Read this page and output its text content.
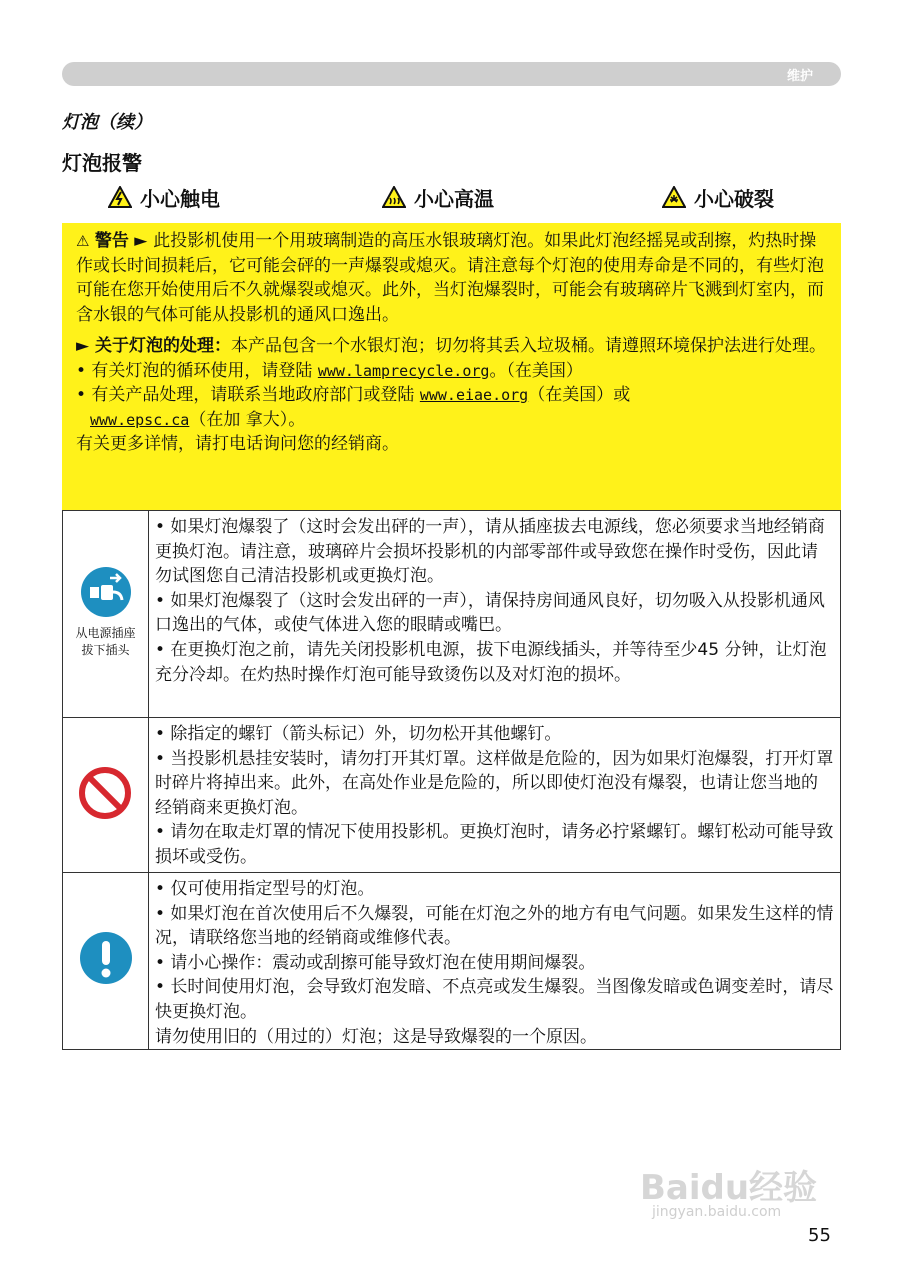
维护
灯泡（续）
灯泡报警
小心触电	小心高温	小心破裂

⚠ 警告 ► 此投影机使用一个用玻璃制造的高压水银玻璃灯泡。如果此灯泡经摇晃或刮擦，灼热时操作或长时间损耗后，它可能会砰的一声爆裂或熄灭。请注意每个灯泡的使用寿命是不同的，有些灯泡可能在您开始使用后不久就爆裂或熄灭。此外，当灯泡爆裂时，可能会有玻璃碎片飞溅到灯室内，而含水银的气体可能从投影机的通风口逸出。

► 关于灯泡的处理：本产品包含一个水银灯泡；切勿将其丢入垃圾桶。请遵照环境保护法进行处理。

• 有关灯泡的循环使用，请登陆 www.lamprecycle.org。（在美国）

• 有关产品处理，请联系当地政府部门或登陆 www.eiae.org（在美国）或
www.epsc.ca（在加 拿大）。

有关更多详情，请打电话询问您的经销商。

从电源插座
拔下插头

• 如果灯泡爆裂了（这时会发出砰的一声），请从插座拔去电源线，您必须要求当地经销商更换灯泡。请注意，玻璃碎片会损坏投影机的内部零部件或导致您在操作时受伤，因此请勿试图您自己清洁投影机或更换灯泡。

• 如果灯泡爆裂了（这时会发出砰的一声），请保持房间通风良好，切勿吸入从投影机通风口逸出的气体，或使气体进入您的眼睛或嘴巴。

• 在更换灯泡之前，请先关闭投影机电源，拔下电源线插头，并等待至少45 分钟，让灯泡充分冷却。在灼热时操作灯泡可能导致烫伤以及对灯泡的损坏。

• 除指定的螺钉（箭头标记）外，切勿松开其他螺钉。

• 当投影机悬挂安装时，请勿打开其灯罩。这样做是危险的，因为如果灯泡爆裂，打开灯罩时碎片将掉出来。此外，在高处作业是危险的，所以即使灯泡没有爆裂，也请让您当地的经销商来更换灯泡。

• 请勿在取走灯罩的情况下使用投影机。更换灯泡时，请务必拧紧螺钉。螺钉松动可能导致损坏或受伤。

• 仅可使用指定型号的灯泡。

• 如果灯泡在首次使用后不久爆裂，可能在灯泡之外的地方有电气问题。如果发生这样的情况，请联络您当地的经销商或维修代表。

• 请小心操作：震动或刮擦可能导致灯泡在使用期间爆裂。

• 长时间使用灯泡，会导致灯泡发暗、不点亮或发生爆裂。当图像发暗或色调变差时，请尽快更换灯泡。

请勿使用旧的（用过的）灯泡；这是导致爆裂的一个原因。

Baidu经验
jingyan.baidu.com
55
